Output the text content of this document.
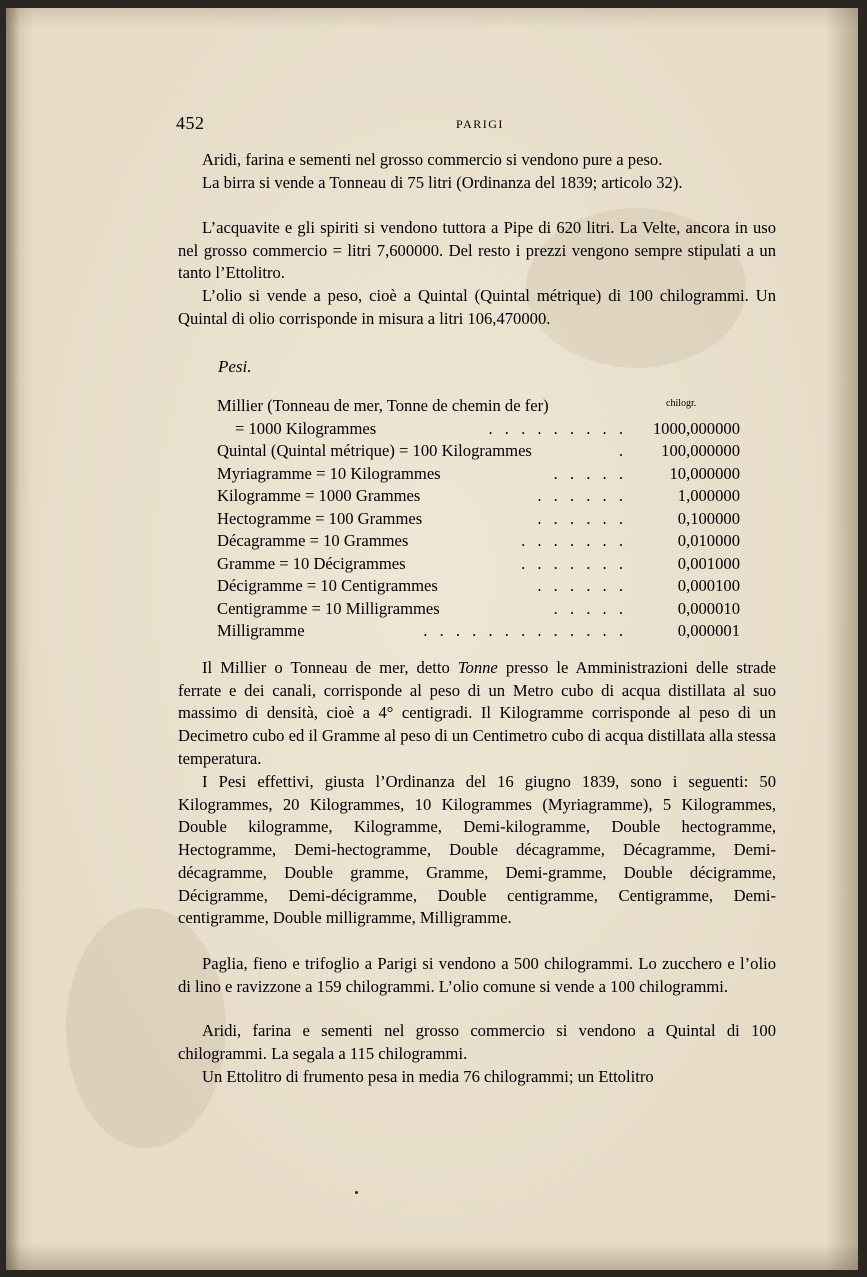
452	PARIGI

Aridi, farina e sementi nel grosso commercio si vendono pure a peso.

La birra si vende a Tonneau di 75 litri (Ordinanza del 1839; articolo 32).

L’acquavite e gli spiriti si vendono tuttora a Pipe di 620 litri. La Velte, ancora in uso nel grosso commercio = litri 7,600000. Del resto i prezzi vengono sempre stipulati a un tanto l’Ettolitro.

L’olio si vende a peso, cioè a Quintal (Quintal métrique) di 100 chilogrammi. Un Quintal di olio corrisponde in misura a litri 106,470000.

Pesi.
chilogr.
Millier (Tonneau de mer, Tonne de chemin de fer)
= 1000 Kilogrammes	. . . . . . . . . 1000,000000
Quintal (Quintal métrique) = 100 Kilogrammes	. 100,000000
Myriagramme = 10 Kilogrammes	. . . . .	10,000000
Kilogramme = 1000 Grammes	. . . . . .	1,000000
Hectogramme = 100 Grammes	. . . . . .	0,100000
Décagramme = 10 Grammes	. . . . . . .	0,010000
Gramme = 10 Décigrammes	. . . . . . .	0,001000
Décigramme = 10 Centigrammes	. . . . . .	0,000100
Centigramme = 10 Milligrammes	. . . . .	0,000010
Milligramme	. . . . . . . . . . . . .	0,000001

Il Millier o Tonneau de mer, detto Tonne presso le Amministrazioni delle strade ferrate e dei canali, corrisponde al peso di un Metro cubo di acqua distillata al suo massimo di densità, cioè a 4° centigradi. Il Kilogramme corrisponde al peso di un Decimetro cubo ed il Gramme al peso di un Centimetro cubo di acqua distillata alla stessa temperatura.

I Pesi effettivi, giusta l’Ordinanza del 16 giugno 1839, sono i seguenti: 50 Kilogrammes, 20 Kilogrammes, 10 Kilogrammes (Myriagramme), 5 Kilogrammes, Double kilogramme, Kilogramme, Demi-kilogramme, Double hectogramme, Hectogramme, Demi-hectogramme, Double décagramme, Décagramme, Demi-décagramme, Double gramme, Gramme, Demi-gramme, Double décigramme, Décigramme, Demi-décigramme, Double centigramme, Centigramme, Demi-centigramme, Double milligramme, Milligramme.

Paglia, fieno e trifoglio a Parigi si vendono a 500 chilogrammi. Lo zucchero e l’olio di lino e ravizzone a 159 chilogrammi. L’olio comune si vende a 100 chilogrammi.

Aridi, farina e sementi nel grosso commercio si vendono a Quintal di 100 chilogrammi. La segala a 115 chilogrammi.

Un Ettolitro di frumento pesa in media 76 chilogrammi; un Ettolitro
